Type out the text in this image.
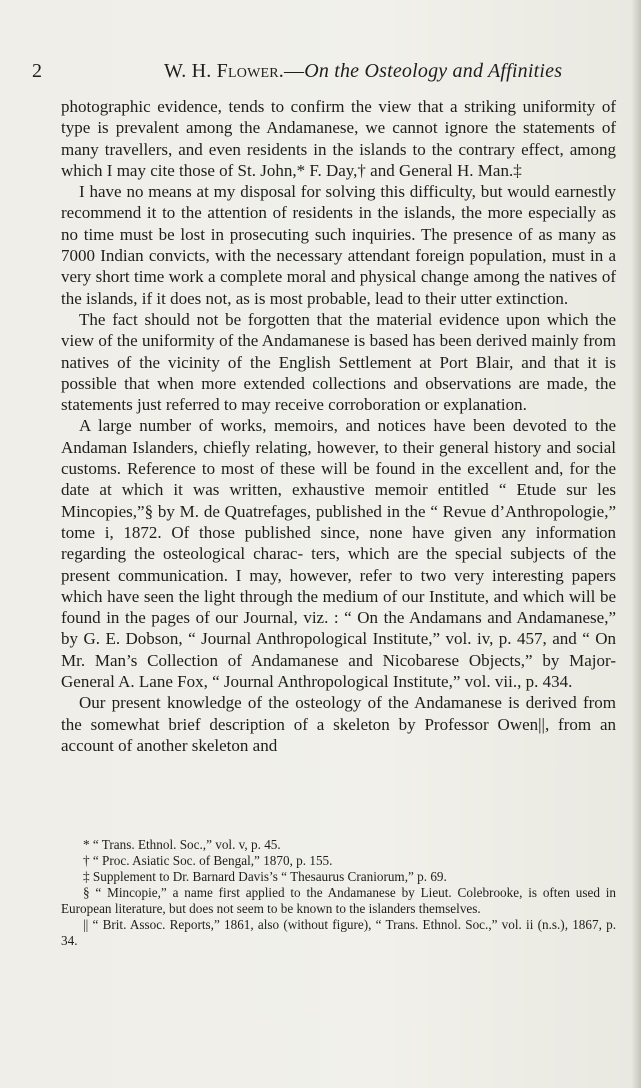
2	W. H. Flower.—On the Osteology and Affinities

photographic evidence, tends to confirm the view that a striking uniformity of type is prevalent among the Andamanese, we cannot ignore the statements of many travellers, and even residents in the islands to the contrary effect, among which I may cite those of St. John,* F. Day,† and General H. Man.‡

I have no means at my disposal for solving this difficulty, but would earnestly recommend it to the attention of residents in the islands, the more especially as no time must be lost in prosecuting such inquiries. The presence of as many as 7000 Indian convicts, with the necessary attendant foreign population, must in a very short time work a complete moral and physical change among the natives of the islands, if it does not, as is most probable, lead to their utter extinction.

The fact should not be forgotten that the material evidence upon which the view of the uniformity of the Andamanese is based has been derived mainly from natives of the vicinity of the English Settlement at Port Blair, and that it is possible that when more extended collections and observations are made, the statements just referred to may receive corroboration or explanation.

A large number of works, memoirs, and notices have been devoted to the Andaman Islanders, chiefly relating, however, to their general history and social customs. Reference to most of these will be found in the excellent and, for the date at which it was written, exhaustive memoir entitled “ Etude sur les Mincopies,”§ by M. de Quatrefages, published in the “ Revue d’Anthropologie,” tome i, 1872. Of those published since, none have given any information regarding the osteological charac- ters, which are the special subjects of the present communication. I may, however, refer to two very interesting papers which have seen the light through the medium of our Institute, and which will be found in the pages of our Journal, viz. : “ On the Andamans and Andamanese,” by G. E. Dobson, “ Journal Anthropological Institute,” vol. iv, p. 457, and “ On Mr. Man’s Collection of Andamanese and Nicobarese Objects,” by Major-General A. Lane Fox, “ Journal Anthropological Institute,” vol. vii., p. 434.

Our present knowledge of the osteology of the Andamanese is derived from the somewhat brief description of a skeleton by Professor Owen||, from an account of another skeleton and

* “ Trans. Ethnol. Soc.,” vol. v, p. 45.

† “ Proc. Asiatic Soc. of Bengal,” 1870, p. 155.

‡ Supplement to Dr. Barnard Davis’s “ Thesaurus Craniorum,” p. 69.

§ “ Mincopie,” a name first applied to the Andamanese by Lieut. Colebrooke, is often used in European literature, but does not seem to be known to the islanders themselves.

|| “ Brit. Assoc. Reports,” 1861, also (without figure), “ Trans. Ethnol. Soc.,” vol. ii (n.s.), 1867, p. 34.
